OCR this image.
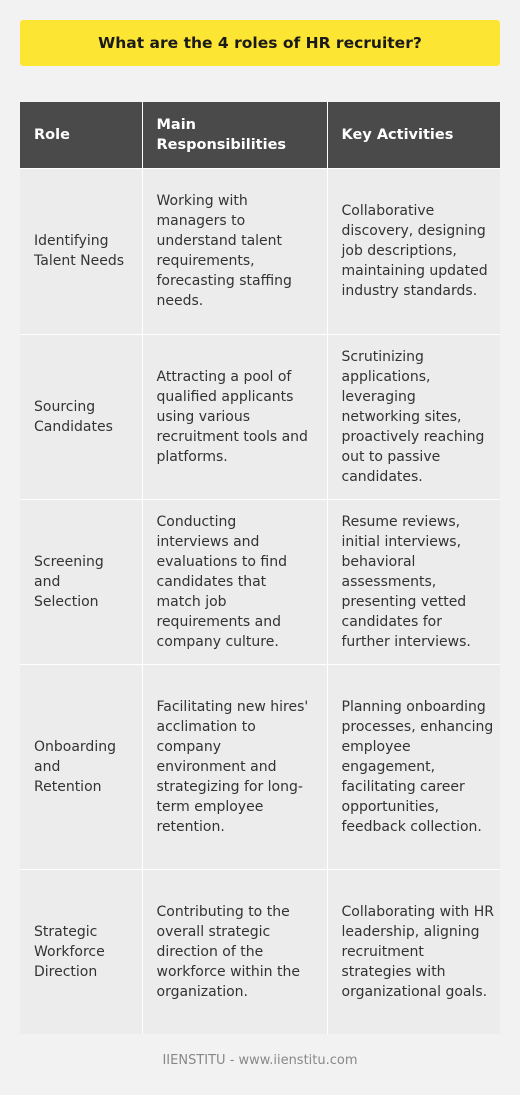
What are the 4 roles of HR recruiter?
Role	Main Responsibilities	Key Activities
Identifying Talent Needs	Working with managers to understand talent requirements, forecasting staffing needs.	Collaborative discovery, designing job descriptions, maintaining updated industry standards.
Sourcing Candidates	Attracting a pool of qualified applicants using various recruitment tools and platforms.	Scrutinizing applications, leveraging networking sites, proactively reaching out to passive candidates.
Screening and Selection	Conducting interviews and evaluations to find candidates that match job requirements and company culture.	Resume reviews, initial interviews, behavioral assessments, presenting vetted candidates for further interviews.
Onboarding and Retention	Facilitating new hires' acclimation to company environment and strategizing for long-term employee retention.	Planning onboarding processes, enhancing employee engagement, facilitating career opportunities, feedback collection.
Strategic Workforce Direction	Contributing to the overall strategic direction of the workforce within the organization.	Collaborating with HR leadership, aligning recruitment strategies with organizational goals.
IIENSTITU - www.iienstitu.com
